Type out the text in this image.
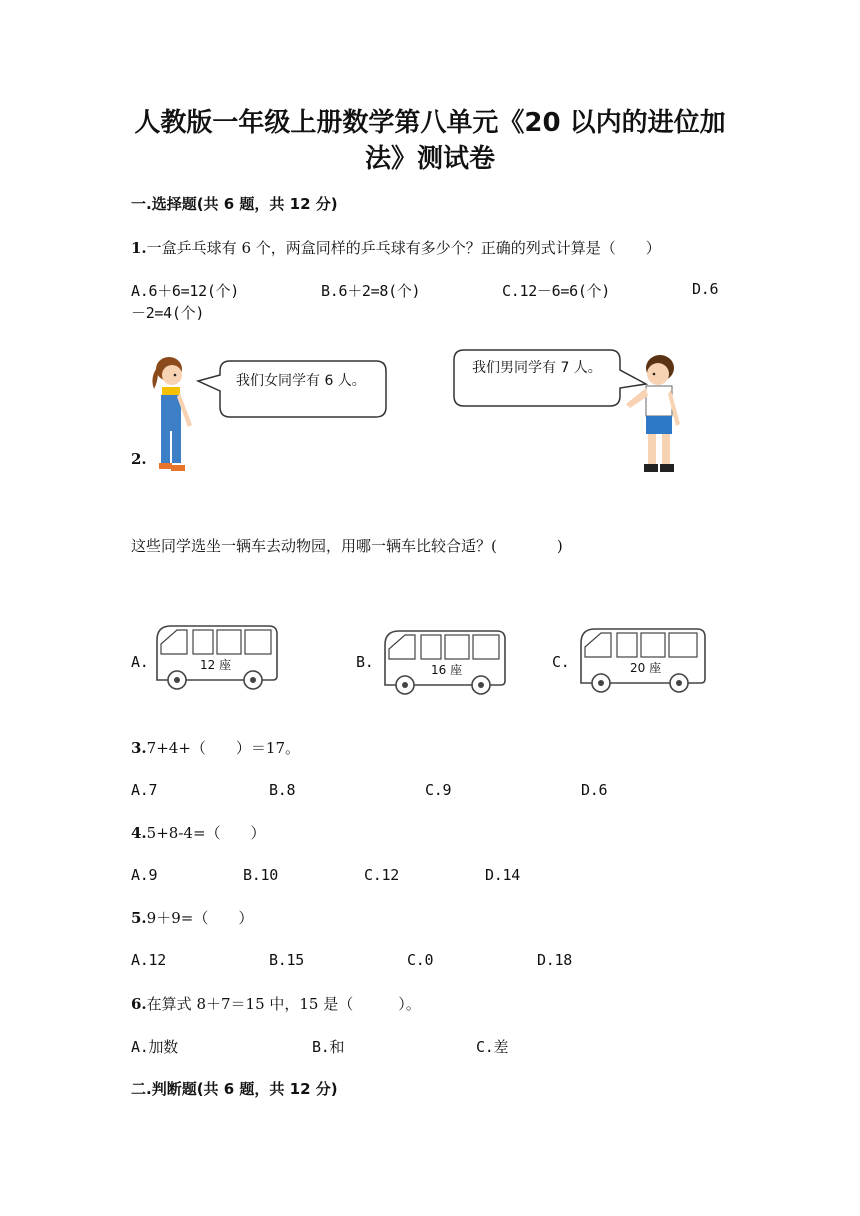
人教版一年级上册数学第八单元《20 以内的进位加
法》测试卷
一.选择题(共 6 题，共 12 分)
1.一盒乒乓球有 6 个，两盒同样的乒乓球有多少个？正确的列式计算是（　　）
A.6＋6=12(个)	B.6＋2=8(个)	C.12－6=6(个)	D.6
－2=4(个)
我们女同学有 6 人。
我们男同学有 7 人。
2.
这些同学选坐一辆车去动物园，用哪一辆车比较合适？(　　　　)
A.	12 座	B.	16 座	C.	20 座
3.7+4+（　　）＝17。
A.7	B.8	C.9	D.6
4.5+8-4=（　　）
A.9	B.10	C.12	D.14
5.9＋9=（　　）
A.12	B.15	C.0	D.18
6.在算式 8＋7＝15 中，15 是（　　　）。
A.加数	B.和	C.差
二.判断题(共 6 题，共 12 分)
